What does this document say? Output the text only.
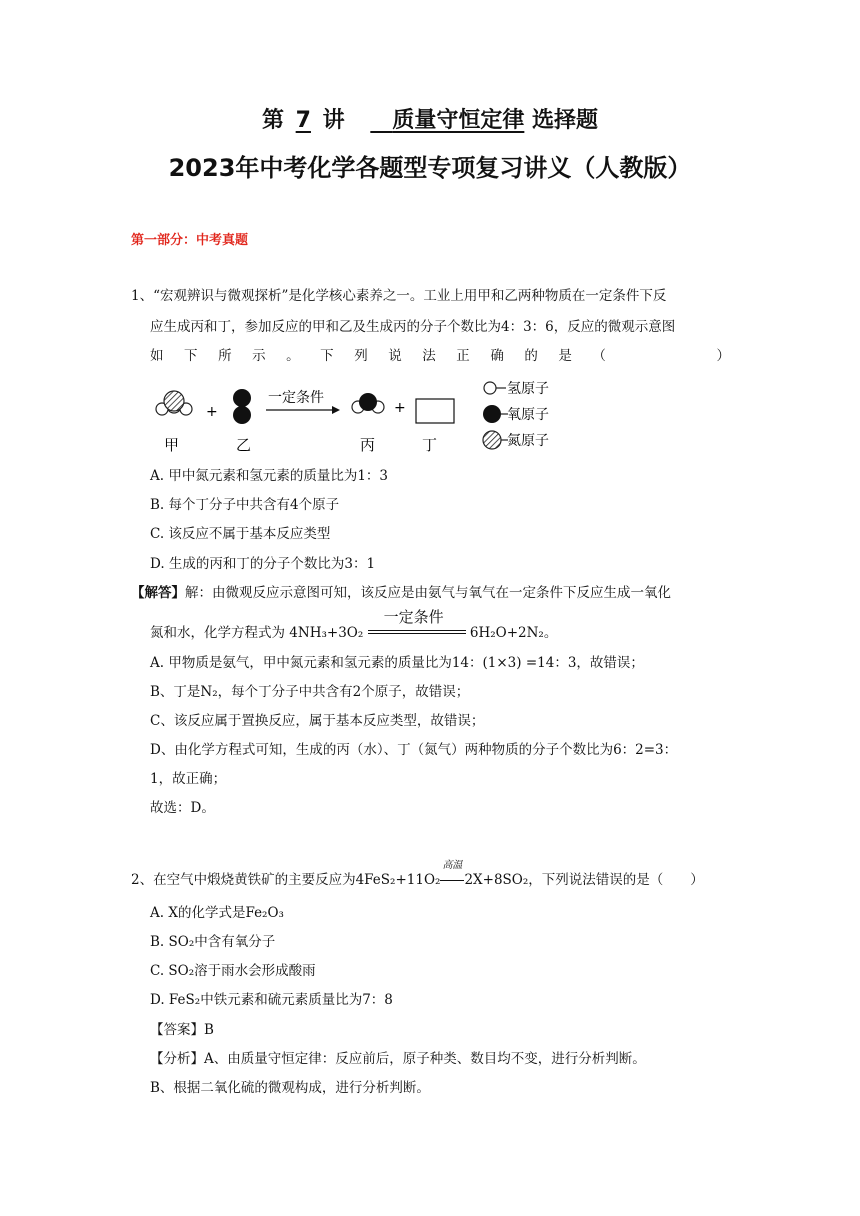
第 7 讲   质量守恒定律 选择题
2023年中考化学各题型专项复习讲义（人教版）
第一部分：中考真题
1、“宏观辨识与微观探析”是化学核心素养之一。工业上用甲和乙两种物质在一定条件下反
应生成丙和丁，参加反应的甲和乙及生成丙的分子个数比为4：3：6，反应的微观示意图
如 下 所 示 。 下 列 说 法 正 确 的 是 （	）
+
一定条件
+
甲	乙	丙	丁
氢原子
氧原子
氮原子
A. 甲中氮元素和氢元素的质量比为1：3
B. 每个丁分子中共含有4个原子
C. 该反应不属于基本反应类型
D. 生成的丙和丁的分子个数比为3：1
【解答】解：由微观反应示意图可知，该反应是由氨气与氧气在一定条件下反应生成一氧化
氮和水，化学方程式为 4NH₃+3O₂
一定条件
6H₂O+2N₂。
A. 甲物质是氨气，甲中氮元素和氢元素的质量比为14：(1×3) =14：3，故错误；
B、丁是N₂，每个丁分子中共含有2个原子，故错误；
C、该反应属于置换反应，属于基本反应类型，故错误；
D、由化学方程式可知，生成的丙（水）、丁（氮气）两种物质的分子个数比为6：2=3：
1，故正确；
故选：D。
2、在空气中煅烧黄铁矿的主要反应为4FeS₂+11O₂
高温
2X+8SO₂，下列说法错误的是（　　）
A. X的化学式是Fe₂O₃
B. SO₂中含有氧分子
C. SO₂溶于雨水会形成酸雨
D. FeS₂中铁元素和硫元素质量比为7：8
【答案】B
【分析】A、由质量守恒定律：反应前后，原子种类、数目均不变，进行分析判断。
B、根据二氧化硫的微观构成，进行分析判断。
